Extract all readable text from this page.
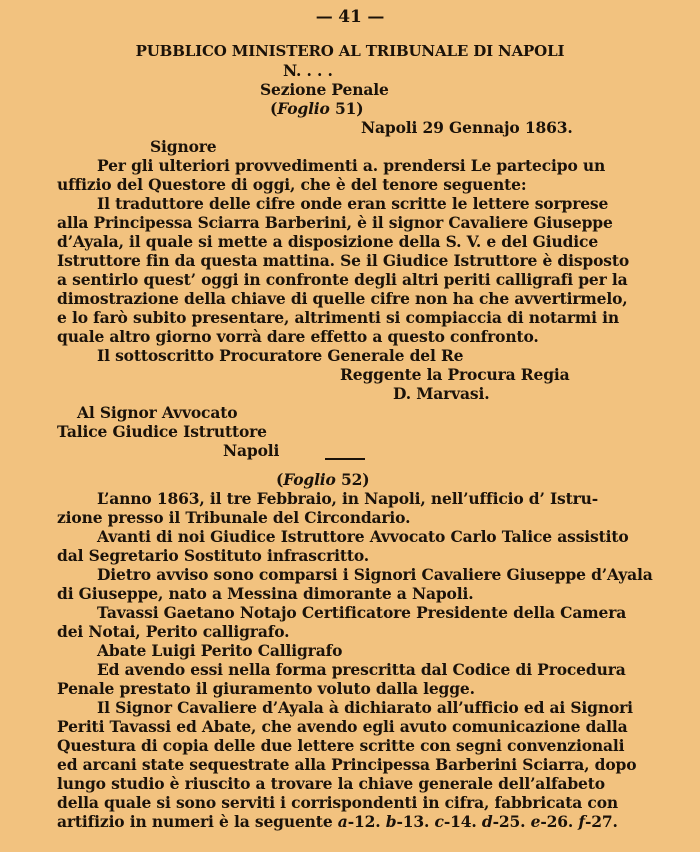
— 41 —
PUBBLICO MINISTERO AL TRIBUNALE DI NAPOLI
N. . . .
Sezione Penale
(Foglio 51)
Napoli 29 Gennajo 1863.
Signore
Per gli ulteriori provvedimenti a. prendersi Le partecipo un
uffizio del Questore di oggi, che è del tenore seguente:
Il traduttore delle cifre onde eran scritte le lettere sorprese
alla Principessa Sciarra Barberini, è il signor Cavaliere Giuseppe
d’Ayala, il quale si mette a disposizione della S. V. e del Giudice
Istruttore fin da questa mattina. Se il Giudice Istruttore è disposto
a sentirlo quest’ oggi in confronte degli altri periti calligrafi per la
dimostrazione della chiave di quelle cifre non ha che avvertirmelo,
e lo farò subito presentare, altrimenti si compiaccia di notarmi in
quale altro giorno vorrà dare effetto a questo confronto.
Il sottoscritto Procuratore Generale del Re
Reggente la Procura Regia
D. Marvasi.
Al Signor Avvocato
Talice Giudice Istruttore
Napoli
(Foglio 52)
L’anno 1863, il tre Febbraio, in Napoli, nell’ufficio d’ Istru-
zione presso il Tribunale del Circondario.
Avanti di noi Giudice Istruttore Avvocato Carlo Talice assistito
dal Segretario Sostituto infrascritto.
Dietro avviso sono comparsi i Signori Cavaliere Giuseppe d’Ayala
di Giuseppe, nato a Messina dimorante a Napoli.
Tavassi Gaetano Notajo Certificatore Presidente della Camera
dei Notai, Perito calligrafo.
Abate Luigi Perito Calligrafo
Ed avendo essi nella forma prescritta dal Codice di Procedura
Penale prestato il giuramento voluto dalla legge.
Il Signor Cavaliere d’Ayala à dichiarato all’ufficio ed ai Signori
Periti Tavassi ed Abate, che avendo egli avuto comunicazione dalla
Questura di copia delle due lettere scritte con segni convenzionali
ed arcani state sequestrate alla Principessa Barberini Sciarra, dopo
lungo studio è riuscito a trovare la chiave generale dell’alfabeto
della quale si sono serviti i corrispondenti in cifra, fabbricata con
artifizio in numeri è la seguente a-12. b-13. c-14. d-25. e-26. f-27.
